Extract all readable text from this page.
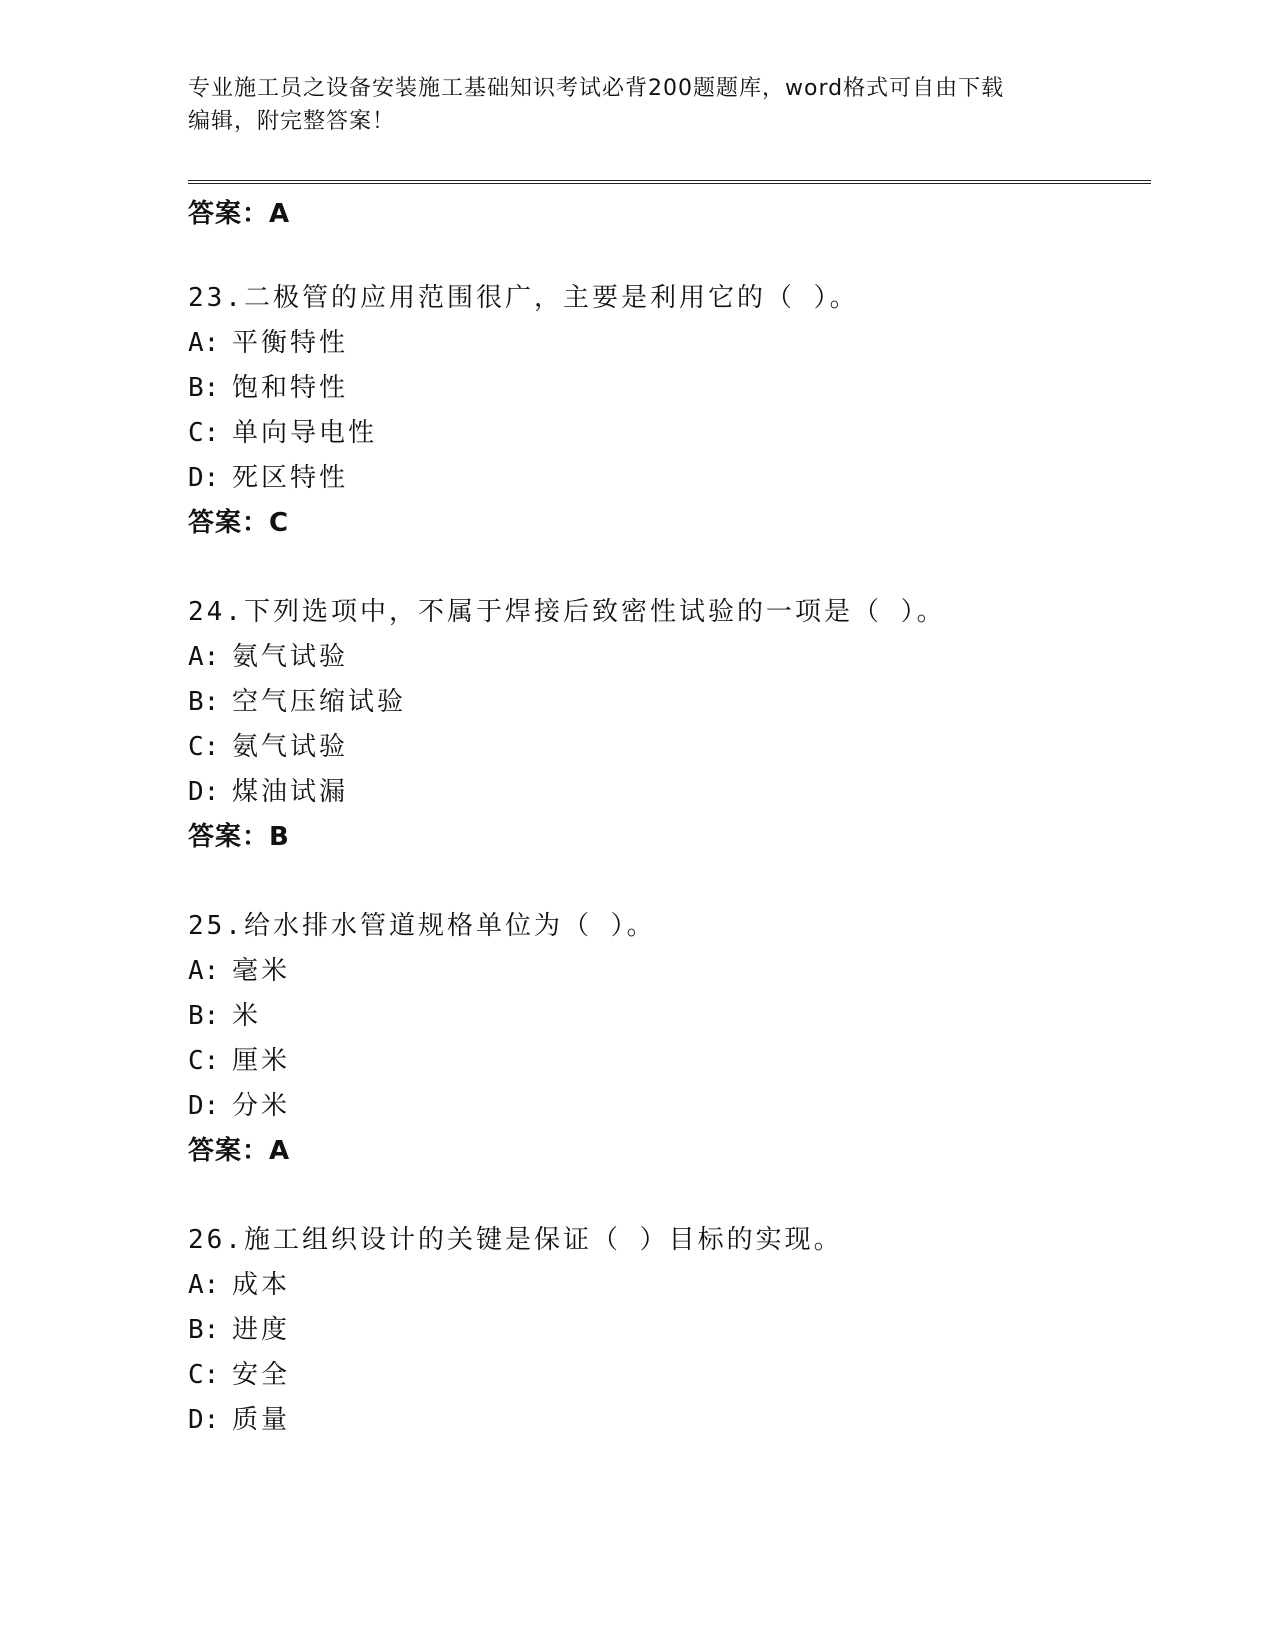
专业施工员之设备安装施工基础知识考试必背200题题库，word格式可自由下载
编辑，附完整答案！
答案：A
23.二极管的应用范围很广，主要是利用它的（ ）。
A: 平衡特性
B: 饱和特性
C: 单向导电性
D: 死区特性
答案：C
24.下列选项中，不属于焊接后致密性试验的一项是（ ）。
A: 氨气试验
B: 空气压缩试验
C: 氨气试验
D: 煤油试漏
答案：B
25.给水排水管道规格单位为（ ）。
A: 毫米
B: 米
C: 厘米
D: 分米
答案：A
26.施工组织设计的关键是保证（ ）目标的实现。
A: 成本
B: 进度
C: 安全
D: 质量
